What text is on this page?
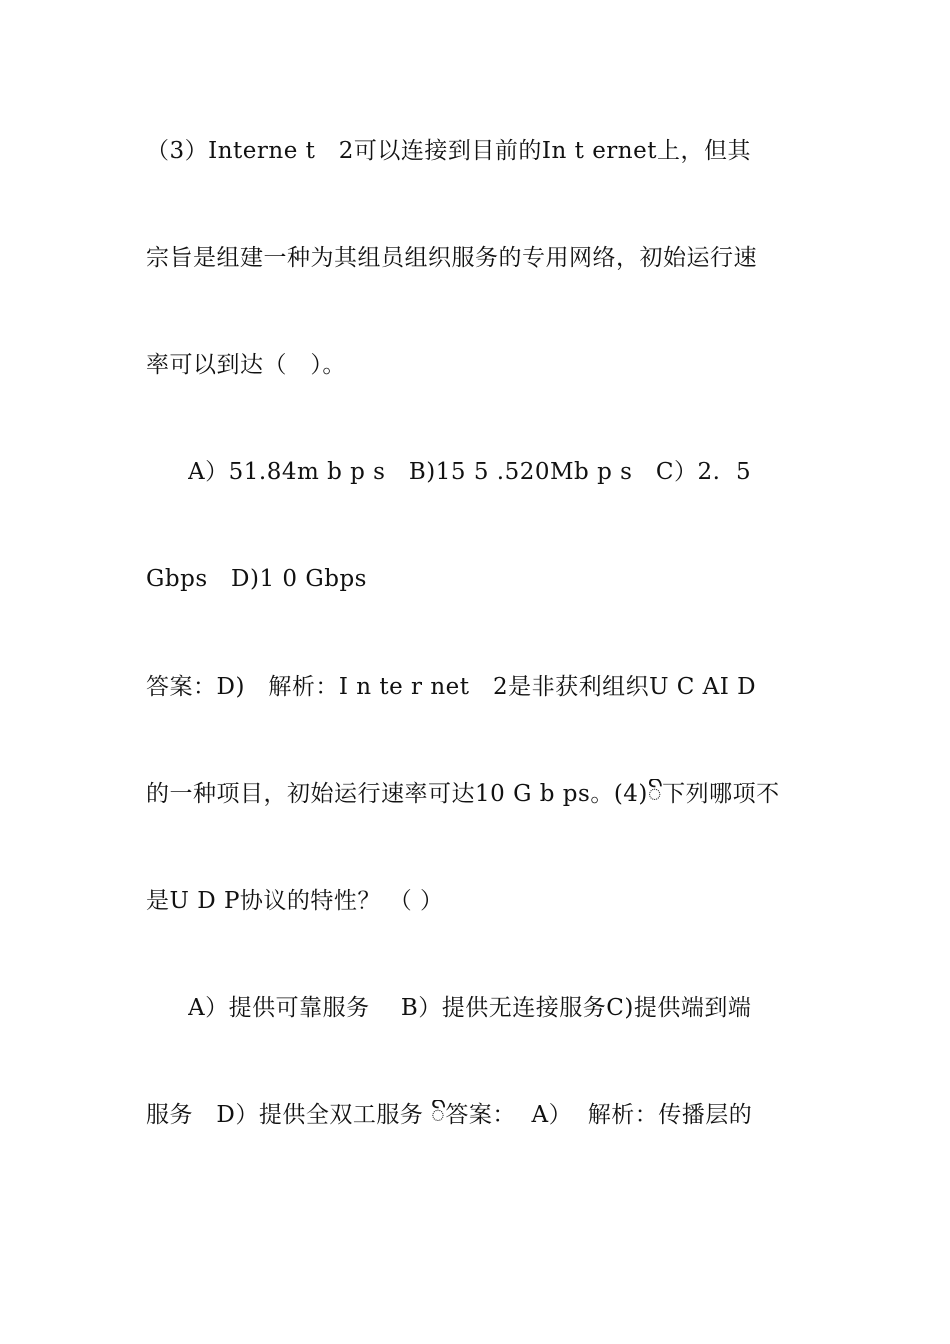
（3）Interne t   2可以连接到目前的In t ernet上，但其
宗旨是组建一种为其组员组织服务的专用网络，初始运行速
率可以到达（   ）。
A）51.84m b p s   B)15 5 .520Mb p s   C）2.  5
Gbps   D)1 0 Gbps
答案：D)   解析：I n te r net   2是非获利组织U C AI D
的一种项目，初始运行速率可达10 G b ps。(4)ꦼ下列哪项不
是U D P协议的特性？ （ ）
A）提供可靠服务    B）提供无连接服务C)提供端到端
服务   D）提供全双工服务 ꦼ答案：  A）  解析：传播层的
